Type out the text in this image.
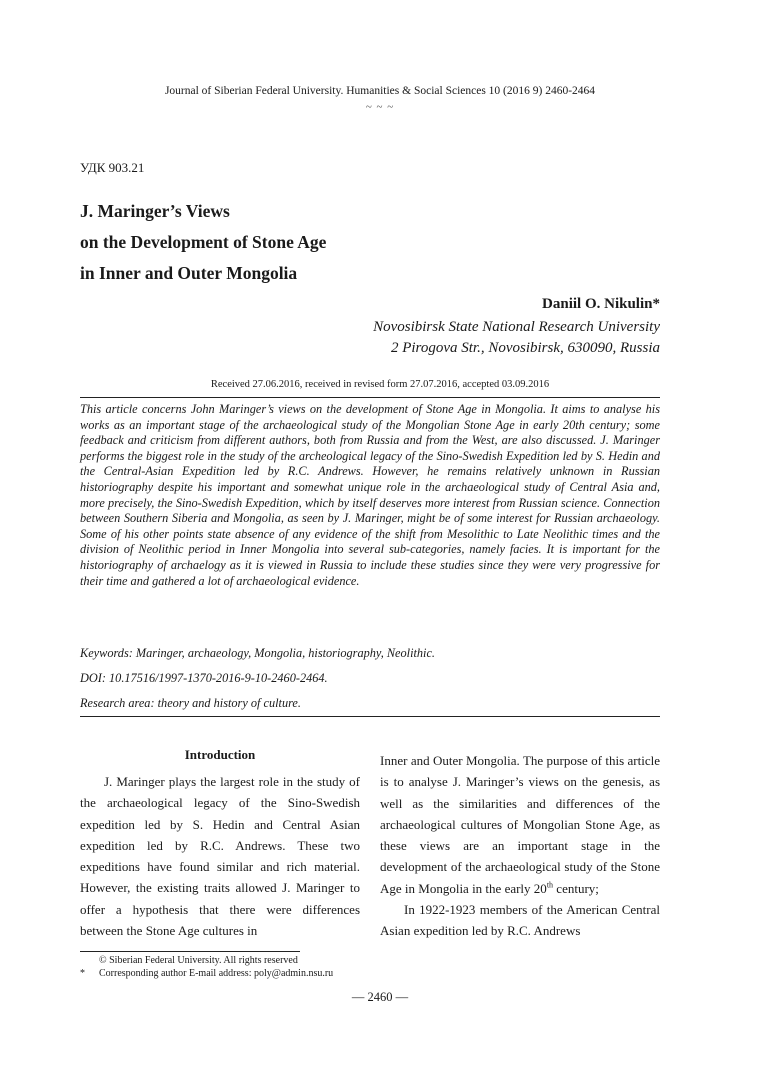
Journal of Siberian Federal University. Humanities & Social Sciences 10 (2016 9) 2460-2464
~ ~ ~
УДК 903.21
J. Maringer’s Views
on the Development of Stone Age
in Inner and Outer Mongolia
Daniil O. Nikulin*
Novosibirsk State National Research University
2 Pirogova Str., Novosibirsk, 630090, Russia
Received 27.06.2016, received in revised form 27.07.2016, accepted 03.09.2016

This article concerns John Maringer’s views on the development of Stone Age in Mongolia. It aims to analyse his works as an important stage of the archaeological study of the Mongolian Stone Age in early 20th century; some feedback and criticism from different authors, both from Russia and from the West, are also discussed. J. Maringer performs the biggest role in the study of the archeological legacy of the Sino-Swedish Expedition led by S. Hedin and the Central-Asian Expedition led by R.C. Andrews. However, he remains relatively unknown in Russian historiography despite his important and somewhat unique role in the archaeological study of Central Asia and, more precisely, the Sino-Swedish Expedition, which by itself deserves more interest from Russian science. Connection between Southern Siberia and Mongolia, as seen by J. Maringer, might be of some interest for Russian archaeology. Some of his other points state absence of any evidence of the shift from Mesolithic to Late Neolithic times and the division of Neolithic period in Inner Mongolia into several sub-categories, namely facies. It is important for the historiography of archaelogy as it is viewed in Russia to include these studies since they were very progressive for their time and gathered a lot of archaeological evidence.

Keywords: Maringer, archaeology, Mongolia, historiography, Neolithic.
DOI: 10.17516/1997-1370-2016-9-10-2460-2464.
Research area: theory and history of culture.
Introduction

J. Maringer plays the largest role in the study of the archaeological legacy of the Sino-Swedish expedition led by S. Hedin and Central Asian expedition led by R.C. Andrews. These two expeditions have found similar and rich material. However, the existing traits allowed J. Maringer to offer a hypothesis that there were differences between the Stone Age cultures in

Inner and Outer Mongolia. The purpose of this article is to analyse J. Maringer’s views on the genesis, as well as the similarities and differences of the archaeological cultures of Mongolian Stone Age, as these views are an important stage in the development of the archaeological study of the Stone Age in Mongolia in the early 20th century;

In 1922-1923 members of the American Central Asian expedition led by R.C. Andrews

© Siberian Federal University. All rights reserved
* Corresponding author E-mail address: poly@admin.nsu.ru
— 2460 —
